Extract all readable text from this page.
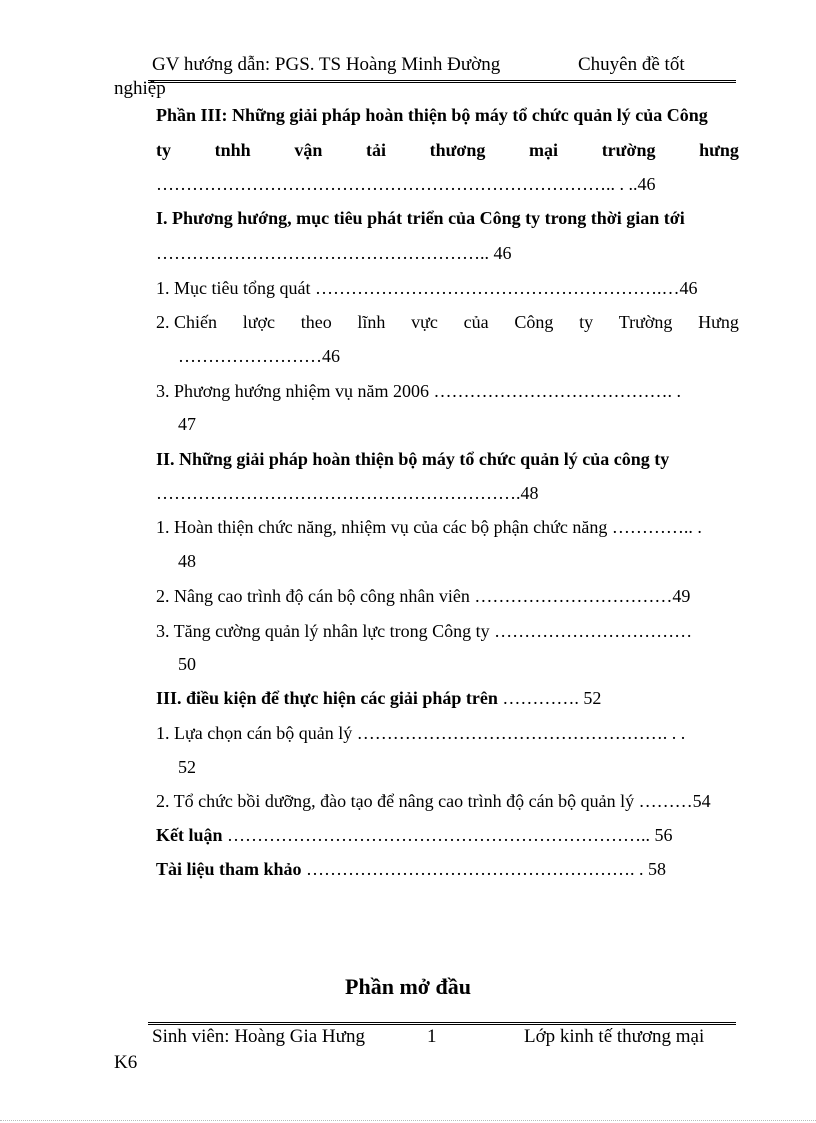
GV hướng dẫn: PGS. TS Hoàng Minh Đường	Chuyên đề tốt
nghiệp
Phần III: Những giải pháp hoàn thiện bộ máy tổ chức quản lý của Công
ty tnhh vận tải thương mại trường hưng
………………………………………………………………….. . ..46
I. Phương hướng, mục tiêu phát triển của Công ty trong thời gian tới
……………………………………………….. 46
1. Mục tiêu tổng quát ………………………………………………….…46
2. Chiến lược theo lĩnh vực của Công ty Trường Hưng
……………………46
3. Phương hướng nhiệm vụ năm 2006 …………………………………. .
47
II. Những giải pháp hoàn thiện bộ máy tổ chức quản lý của công ty
…………………………………………………….48
1. Hoàn thiện chức năng, nhiệm vụ của các bộ phận chức năng ………….. .
48
2. Nâng cao trình độ cán bộ công nhân viên ……………………………49
3. Tăng cường quản lý nhân lực trong Công ty ……………………………
50
III. điều kiện để thực hiện các giải pháp trên …………. 52
1. Lựa chọn cán bộ quản lý ……………………………………………. . .
52
2. Tổ chức bồi dưỡng, đào tạo để nâng cao trình độ cán bộ quản lý ………54
Kết luận …………………………………………………………….. 56
Tài liệu tham khảo ………………………………………………. . 58
Phần mở đầu
Sinh viên: Hoàng Gia Hưng	1	Lớp kinh tế thương mại
K6
